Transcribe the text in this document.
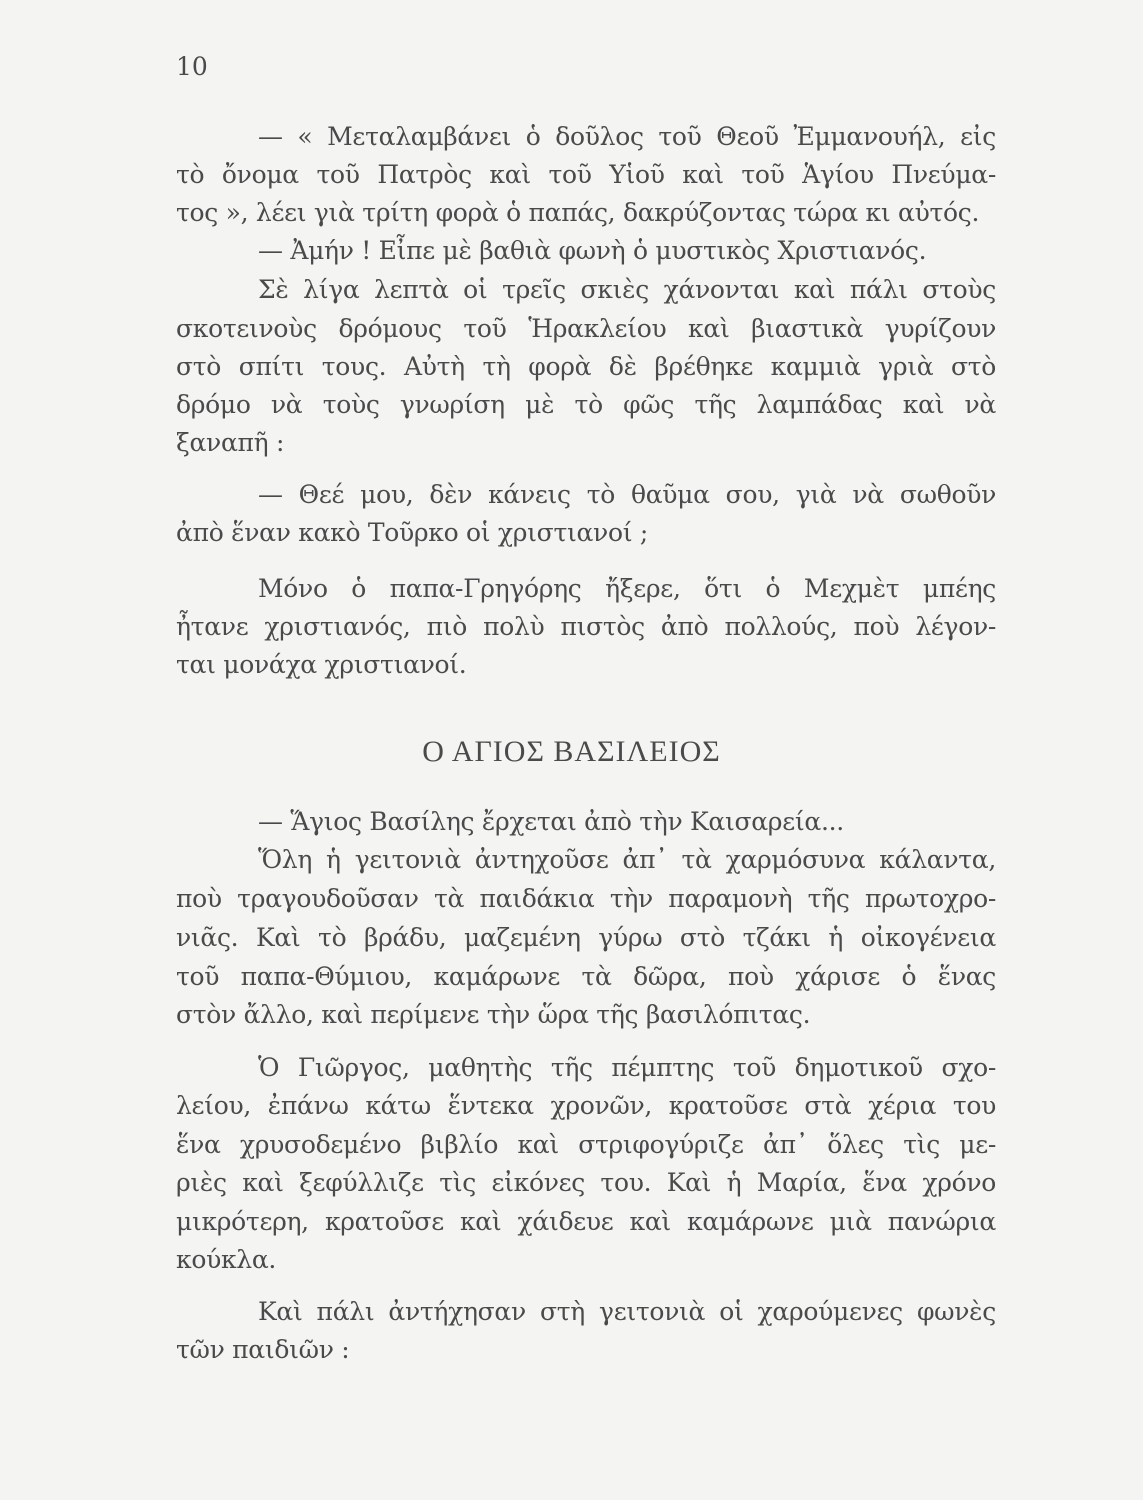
10
— « Μεταλαμβάνει ὁ δοῦλος τοῦ Θεοῦ Ἐμμανουήλ, εἰς
τὸ ὄνομα τοῦ Πατρὸς καὶ τοῦ Υἱοῦ καὶ τοῦ Ἁγίου Πνεύμα-
τος », λέει γιὰ τρίτη φορὰ ὁ παπάς, δακρύζοντας τώρα κι αὐτός.
— Ἀμήν ! Εἶπε μὲ βαθιὰ φωνὴ ὁ μυστικὸς Χριστιανός.
Σὲ λίγα λεπτὰ οἱ τρεῖς σκιὲς χάνονται καὶ πάλι στοὺς
σκοτεινοὺς δρόμους τοῦ Ἡρακλείου καὶ βιαστικὰ γυρίζουν
στὸ σπίτι τους. Αὐτὴ τὴ φορὰ δὲ βρέθηκε καμμιὰ γριὰ στὸ
δρόμο νὰ τοὺς γνωρίση μὲ τὸ φῶς τῆς λαμπάδας καὶ νὰ
ξαναπῆ :
— Θεέ μου, δὲν κάνεις τὸ θαῦμα σου, γιὰ νὰ σωθοῦν
ἀπὸ ἕναν κακὸ Τοῦρκο οἱ χριστιανοί ;
Μόνο ὁ παπα-Γρηγόρης ἤξερε, ὅτι ὁ Μεχμὲτ μπέης
ἦτανε χριστιανός, πιὸ πολὺ πιστὸς ἀπὸ πολλούς, ποὺ λέγον-
ται μονάχα χριστιανοί.
Ο ΑΓΙΟΣ ΒΑΣΙΛΕΙΟΣ
— Ἅγιος Βασίλης ἔρχεται ἀπὸ τὴν Καισαρεία...
Ὅλη ἡ γειτονιὰ ἀντηχοῦσε ἀπ᾿ τὰ χαρμόσυνα κάλαντα,
ποὺ τραγουδοῦσαν τὰ παιδάκια τὴν παραμονὴ τῆς πρωτοχρο-
νιᾶς. Καὶ τὸ βράδυ, μαζεμένη γύρω στὸ τζάκι ἡ οἰκογένεια
τοῦ παπα-Θύμιου, καμάρωνε τὰ δῶρα, ποὺ χάρισε ὁ ἕνας
στὸν ἄλλο, καὶ περίμενε τὴν ὥρα τῆς βασιλόπιτας.
Ὁ Γιῶργος, μαθητὴς τῆς πέμπτης τοῦ δημοτικοῦ σχο-
λείου, ἐπάνω κάτω ἕντεκα χρονῶν, κρατοῦσε στὰ χέρια του
ἕνα χρυσοδεμένο βιβλίο καὶ στριφογύριζε ἀπ᾿ ὅλες τὶς με-
ριὲς καὶ ξεφύλλιζε τὶς εἰκόνες του. Καὶ ἡ Μαρία, ἕνα χρόνο
μικρότερη, κρατοῦσε καὶ χάιδευε καὶ καμάρωνε μιὰ πανώρια
κούκλα.
Καὶ πάλι ἀντήχησαν στὴ γειτονιὰ οἱ χαρούμενες φωνὲς
τῶν παιδιῶν :
